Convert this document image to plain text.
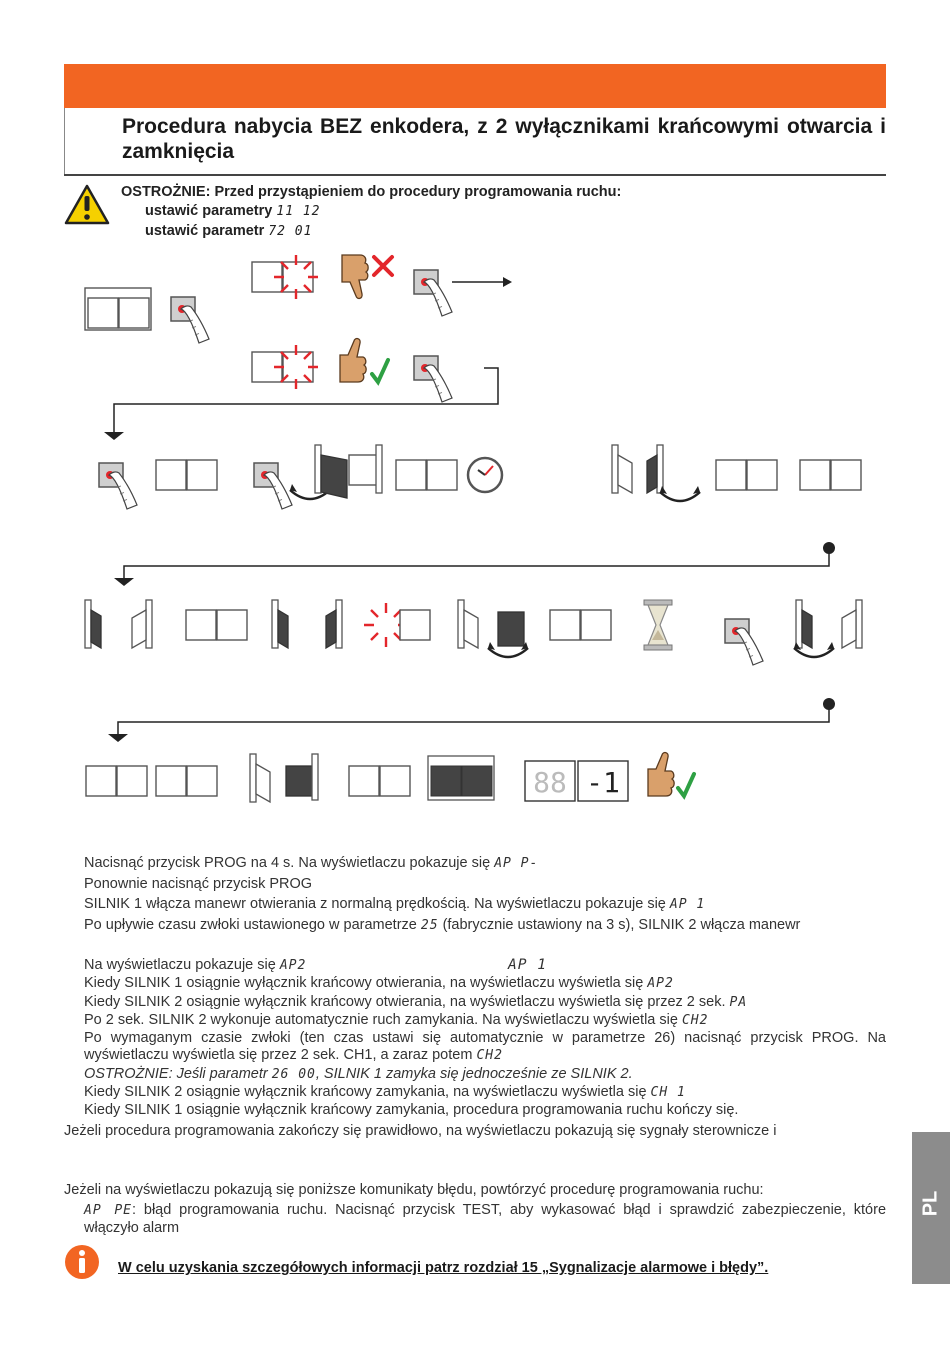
Procedura nabycia BEZ enkodera, z 2 wyłącznikami krańcowymi otwarcia i zamknięcia
OSTROŻNIE: Przed przystąpieniem do procedury programowania ruchu:
ustawić parametry 11 12
ustawić parametr 72 01
88 -1
Nacisnąć przycisk PROG na 4 s. Na wyświetlaczu pokazuje się AP P-
Ponownie nacisnąć przycisk PROG
SILNIK 1 włącza manewr otwierania z normalną prędkością. Na wyświetlaczu pokazuje się AP 1
Po upływie czasu zwłoki ustawionego w parametrze 25 (fabrycznie ustawiony na 3 s), SILNIK 2 włącza manewr
Na wyświetlaczu pokazuje się AP2	AP 1
Kiedy SILNIK 1 osiągnie wyłącznik krańcowy otwierania, na wyświetlaczu wyświetla się AP2
Kiedy SILNIK 2 osiągnie wyłącznik krańcowy otwierania, na wyświetlaczu wyświetla się przez 2 sek. PA
Po 2 sek. SILNIK 2 wykonuje automatycznie ruch zamykania. Na wyświetlaczu wyświetla się CH2
Po wymaganym czasie zwłoki (ten czas ustawi się automatycznie w parametrze 26) nacisnąć przycisk PROG. Na wyświetlaczu wyświetla się przez 2 sek. CH1, a zaraz potem CH2
OSTROŻNIE: Jeśli parametr 26 00, SILNIK 1 zamyka się jednocześnie ze SILNIK 2.
Kiedy SILNIK 2 osiągnie wyłącznik krańcowy zamykania, na wyświetlaczu wyświetla się CH 1
Kiedy SILNIK 1 osiągnie wyłącznik krańcowy zamykania, procedura programowania ruchu kończy się.
Jeżeli procedura programowania zakończy się prawidłowo, na wyświetlaczu pokazują się sygnały sterownicze i
Jeżeli na wyświetlaczu pokazują się poniższe komunikaty błędu, powtórzyć procedurę programowania ruchu:
AP PE: błąd programowania ruchu. Nacisnąć przycisk TEST, aby wykasować błąd i sprawdzić zabezpieczenie, które włączyło alarm
W celu uzyskania szczegółowych informacji patrz rozdział 15 „Sygnalizacje alarmowe i błędy”.
PL
